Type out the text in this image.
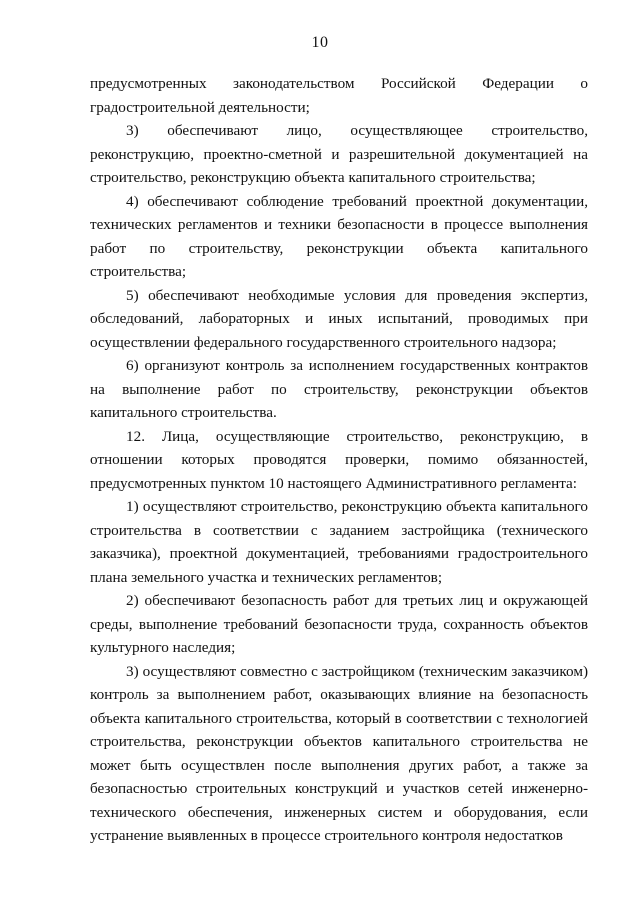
10

предусмотренных законодательством Российской Федерации о градостроительной деятельности;

3) обеспечивают лицо, осуществляющее строительство, реконструкцию, проектно-сметной и разрешительной документацией на строительство, реконструкцию объекта капитального строительства;

4) обеспечивают соблюдение требований проектной документации, технических регламентов и техники безопасности в процессе выполнения работ по строительству, реконструкции объекта капитального строительства;

5) обеспечивают необходимые условия для проведения экспертиз, обследований, лабораторных и иных испытаний, проводимых при осуществлении федерального государственного строительного надзора;

6) организуют контроль за исполнением государственных контрактов на выполнение работ по строительству, реконструкции объектов капитального строительства.

12. Лица, осуществляющие строительство, реконструкцию, в отношении которых проводятся проверки, помимо обязанностей, предусмотренных пунктом 10 настоящего Административного регламента:

1) осуществляют строительство, реконструкцию объекта капитального строительства в соответствии с заданием застройщика (технического заказчика), проектной документацией, требованиями градостроительного плана земельного участка и технических регламентов;

2) обеспечивают безопасность работ для третьих лиц и окружающей среды, выполнение требований безопасности труда, сохранность объектов культурного наследия;

3) осуществляют совместно с застройщиком (техническим заказчиком) контроль за выполнением работ, оказывающих влияние на безопасность объекта капитального строительства, который в соответствии с технологией строительства, реконструкции объектов капитального строительства не может быть осуществлен после выполнения других работ, а также за безопасностью строительных конструкций и участков сетей инженерно-технического обеспечения, инженерных систем и оборудования, если устранение выявленных в процессе строительного контроля недостатков
